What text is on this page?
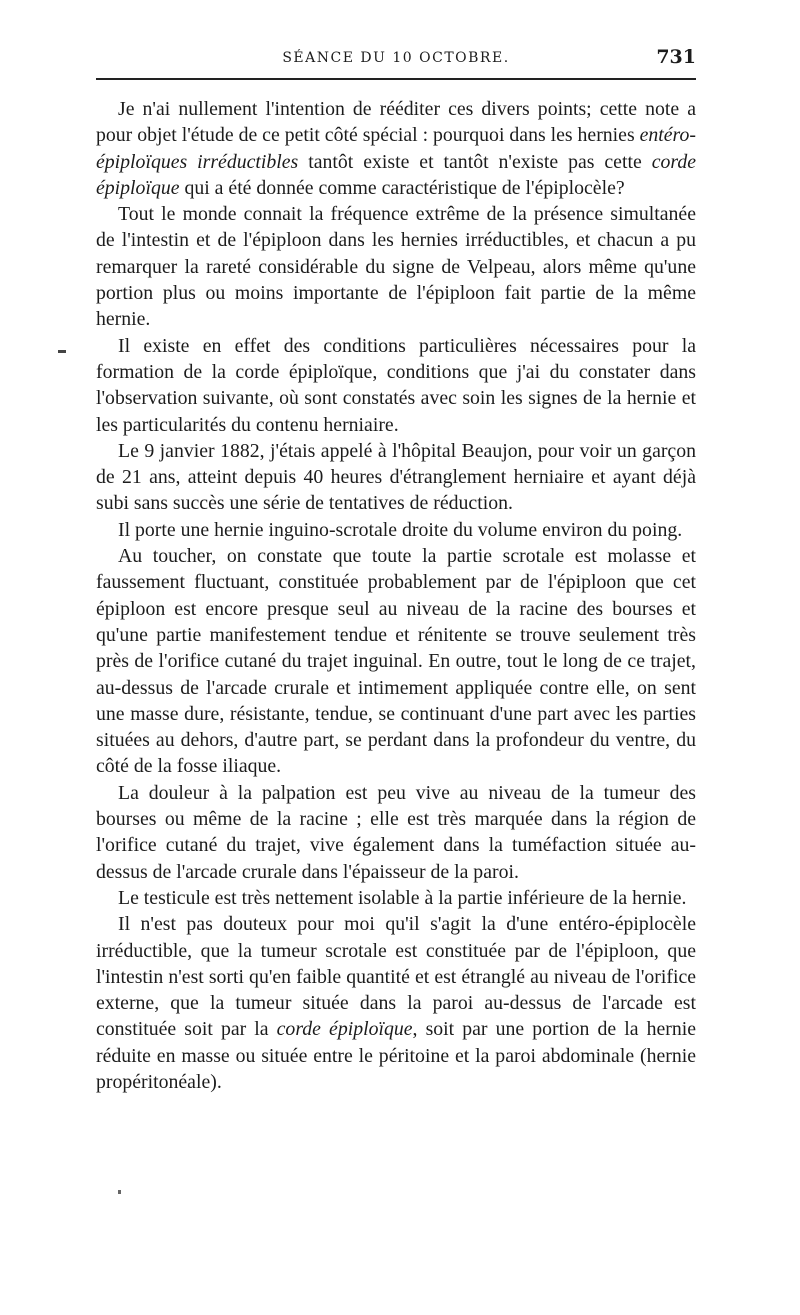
SÉANCE DU 10 OCTOBRE.	731

Je n'ai nullement l'intention de rééditer ces divers points; cette note a pour objet l'étude de ce petit côté spécial : pourquoi dans les hernies entéro-épiploïques irréductibles tantôt existe et tantôt n'existe pas cette corde épiploïque qui a été donnée comme caractéristique de l'épiplocèle?

Tout le monde connait la fréquence extrême de la présence simultanée de l'intestin et de l'épiploon dans les hernies irréductibles, et chacun a pu remarquer la rareté considérable du signe de Velpeau, alors même qu'une portion plus ou moins importante de l'épiploon fait partie de la même hernie.

Il existe en effet des conditions particulières nécessaires pour la formation de la corde épiploïque, conditions que j'ai du constater dans l'observation suivante, où sont constatés avec soin les signes de la hernie et les particularités du contenu herniaire.

Le 9 janvier 1882, j'étais appelé à l'hôpital Beaujon, pour voir un garçon de 21 ans, atteint depuis 40 heures d'étranglement herniaire et ayant déjà subi sans succès une série de tentatives de réduction.

Il porte une hernie inguino-scrotale droite du volume environ du poing.

Au toucher, on constate que toute la partie scrotale est molasse et faussement fluctuant, constituée probablement par de l'épiploon que cet épiploon est encore presque seul au niveau de la racine des bourses et qu'une partie manifestement tendue et rénitente se trouve seulement très près de l'orifice cutané du trajet inguinal. En outre, tout le long de ce trajet, au-dessus de l'arcade crurale et intimement appliquée contre elle, on sent une masse dure, résistante, tendue, se continuant d'une part avec les parties situées au dehors, d'autre part, se perdant dans la profondeur du ventre, du côté de la fosse iliaque.

La douleur à la palpation est peu vive au niveau de la tumeur des bourses ou même de la racine ; elle est très marquée dans la région de l'orifice cutané du trajet, vive également dans la tuméfaction située au-dessus de l'arcade crurale dans l'épaisseur de la paroi.

Le testicule est très nettement isolable à la partie inférieure de la hernie.

Il n'est pas douteux pour moi qu'il s'agit la d'une entéro-épiplocèle irréductible, que la tumeur scrotale est constituée par de l'épiploon, que l'intestin n'est sorti qu'en faible quantité et est étranglé au niveau de l'orifice externe, que la tumeur située dans la paroi au-dessus de l'arcade est constituée soit par la corde épiploïque, soit par une portion de la hernie réduite en masse ou située entre le péritoine et la paroi abdominale (hernie propéritonéale).
